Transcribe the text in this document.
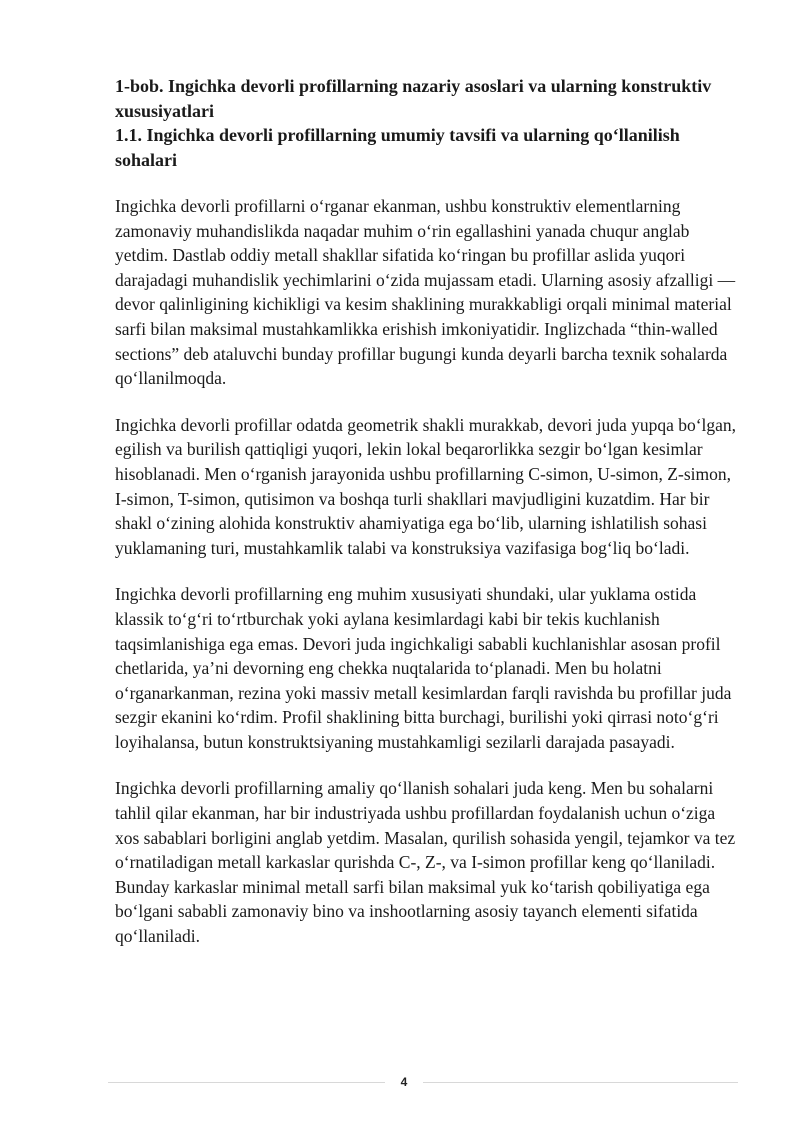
1-bob. Ingichka devorli profillarning nazariy asoslari va ularning konstruktiv xususiyatlari
1.1. Ingichka devorli profillarning umumiy tavsifi va ularning qo‘llanilish sohalari

Ingichka devorli profillarni o‘rganar ekanman, ushbu konstruktiv elementlarning zamonaviy muhandislikda naqadar muhim o‘rin egallashini yanada chuqur anglab yetdim. Dastlab oddiy metall shakllar sifatida ko‘ringan bu profillar aslida yuqori darajadagi muhandislik yechimlarini o‘zida mujassam etadi. Ularning asosiy afzalligi — devor qalinligining kichikligi va kesim shaklining murakkabligi orqali minimal material sarfi bilan maksimal mustahkamlikka erishish imkoniyatidir. Inglizchada “thin-walled sections” deb ataluvchi bunday profillar bugungi kunda deyarli barcha texnik sohalarda qo‘llanilmoqda.

Ingichka devorli profillar odatda geometrik shakli murakkab, devori juda yupqa bo‘lgan, egilish va burilish qattiqligi yuqori, lekin lokal beqarorlikka sezgir bo‘lgan kesimlar hisoblanadi. Men o‘rganish jarayonida ushbu profillarning C-simon, U-simon, Z-simon, I-simon, T-simon, qutisimon va boshqa turli shakllari mavjudligini kuzatdim. Har bir shakl o‘zining alohida konstruktiv ahamiyatiga ega bo‘lib, ularning ishlatilish sohasi yuklamaning turi, mustahkamlik talabi va konstruksiya vazifasiga bog‘liq bo‘ladi.

Ingichka devorli profillarning eng muhim xususiyati shundaki, ular yuklama ostida klassik to‘g‘ri to‘rtburchak yoki aylana kesimlardagi kabi bir tekis kuchlanish taqsimlanishiga ega emas. Devori juda ingichkaligi sababli kuchlanishlar asosan profil chetlarida, ya’ni devorning eng chekka nuqtalarida to‘planadi. Men bu holatni o‘rganarkanman, rezina yoki massiv metall kesimlardan farqli ravishda bu profillar juda sezgir ekanini ko‘rdim. Profil shaklining bitta burchagi, burilishi yoki qirrasi noto‘g‘ri loyihalansa, butun konstruktsiyaning mustahkamligi sezilarli darajada pasayadi.

Ingichka devorli profillarning amaliy qo‘llanish sohalari juda keng. Men bu sohalarni tahlil qilar ekanman, har bir industriyada ushbu profillardan foydalanish uchun o‘ziga xos sabablari borligini anglab yetdim. Masalan, qurilish sohasida yengil, tejamkor va tez o‘rnatiladigan metall karkaslar qurishda C-, Z-, va I-simon profillar keng qo‘llaniladi. Bunday karkaslar minimal metall sarfi bilan maksimal yuk ko‘tarish qobiliyatiga ega bo‘lgani sababli zamonaviy bino va inshootlarning asosiy tayanch elementi sifatida qo‘llaniladi.

4
